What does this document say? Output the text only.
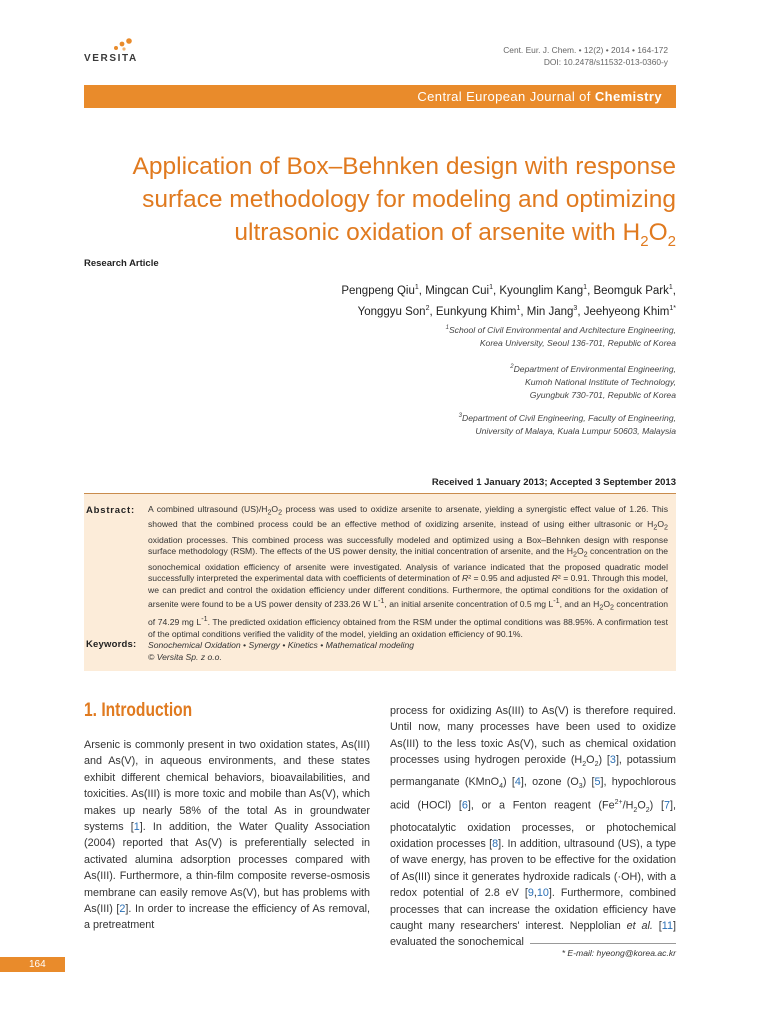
VERSITA
Cent. Eur. J. Chem. • 12(2) • 2014 • 164-172
DOI: 10.2478/s11532-013-0360-y
Central European Journal of Chemistry
Application of Box–Behnken design with response
surface methodology for modeling and optimizing
ultrasonic oxidation of arsenite with $H_2O_2$
Research Article
Pengpeng Qiu$^1$, Mingcan Cui$^1$, Kyounglim Kang$^1$, Beomguk Park$^1$,
Yonggyu Son$^2$, Eunkyung Khim$^1$, Min Jang$^3$, Jeehyeong Khim$^{1*}$
$^1$School of Civil Environmental and Architecture Engineering,
Korea University, Seoul 136-701, Republic of Korea
$^2$Department of Environmental Engineering,
Kumoh National Institute of Technology,
Gyungbuk 730-701, Republic of Korea
$^3$Department of Civil Engineering, Faculty of Engineering,
University of Malaya, Kuala Lumpur 50603, Malaysia
Received 1 January 2013; Accepted 3 September 2013
Abstract: A combined ultrasound $(US)/H_2O_2$ process was used to oxidize arsenite to arsenate, yielding a synergistic effect value of 1.26. This showed that the combined process could be an effective method of oxidizing arsenite, instead of using either ultrasonic or $H_2O_2$ oxidation processes. This combined process was successfully modeled and optimized using a Box–Behnken design with response surface methodology (RSM). The effects of the US power density, the initial concentration of arsenite, and the $H_2O_2$ concentration on the sonochemical oxidation efficiency of arsenite were investigated. Analysis of variance indicated that the proposed quadratic model successfully interpreted the experimental data with coefficients of determination of R² = 0.95 and adjusted R² = 0.91. Through this model, we can predict and control the oxidation efficiency under different conditions. Furthermore, the optimal conditions for the oxidation of arsenite were found to be a US power density of 233.26 W $L^{-1}$, an initial arsenite concentration of 0.5 mg $L^{-1}$, and an $H_2O_2$ concentration of 74.29 mg $L^{-1}$. The predicted oxidation efficiency obtained from the RSM under the optimal conditions was 88.95%. A confirmation test of the optimal conditions verified the validity of the model, yielding an oxidation efficiency of 90.1%.
Keywords: Sonochemical Oxidation • Synergy • Kinetics • Mathematical modeling
© Versita Sp. z o.o.
1. Introduction
Arsenic is commonly present in two oxidation states, As(III) and As(V), in aqueous environments, and these states exhibit different chemical behaviors, bioavailabilities, and toxicities. As(III) is more toxic and mobile than As(V), which makes up nearly 58% of the total As in groundwater systems [1]. In addition, the Water Quality Association (2004) reported that As(V) is preferentially selected in activated alumina adsorption processes compared with As(III). Furthermore, a thin-film composite reverse-osmosis membrane can easily remove As(V), but has problems with As(III) [2]. In order to increase the efficiency of As removal, a pretreatment
process for oxidizing As(III) to As(V) is therefore required. Until now, many processes have been used to oxidize As(III) to the less toxic As(V), such as chemical oxidation processes using hydrogen peroxide $(H_2O_2)$ [3], potassium permanganate (KMnO$_4$) [4], ozone $(O_3)$ [5], hypochlorous acid (HOCl) [6], or a Fenton reagent $(Fe^{2+}/H_2O_2)$ [7], photocatalytic oxidation processes, or photochemical oxidation processes [8]. In addition, ultrasound (US), a type of wave energy, has proven to be effective for the oxidation of As(III) since it generates hydroxide radicals (·OH), with a redox potential of 2.8 eV [9,10]. Furthermore, combined processes that can increase the oxidation efficiency have caught many researchers' interest. Nepplolian et al. [11] evaluated the sonochemical
* E-mail: hyeong@korea.ac.kr
164
